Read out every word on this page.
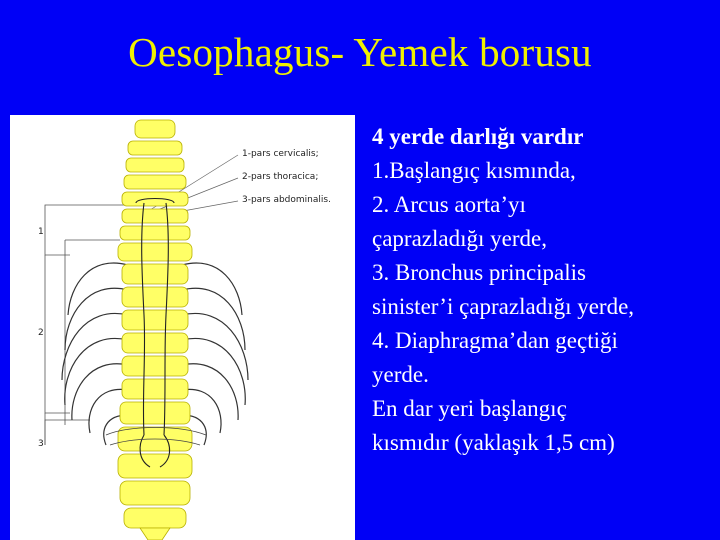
Oesophagus- Yemek borusu
1-pars cervicalis;
2-pars thoracica;
3-pars abdominalis.
1
2
3
4 yerde darlığı vardır
1.Başlangıç kısmında,
2. Arcus aorta’yı
çaprazladığı yerde,
3. Bronchus principalis
sinister’i çaprazladığı yerde,
4. Diaphragma’dan geçtiği
yerde.
En dar yeri başlangıç
kısmıdır (yaklaşık 1,5 cm)
